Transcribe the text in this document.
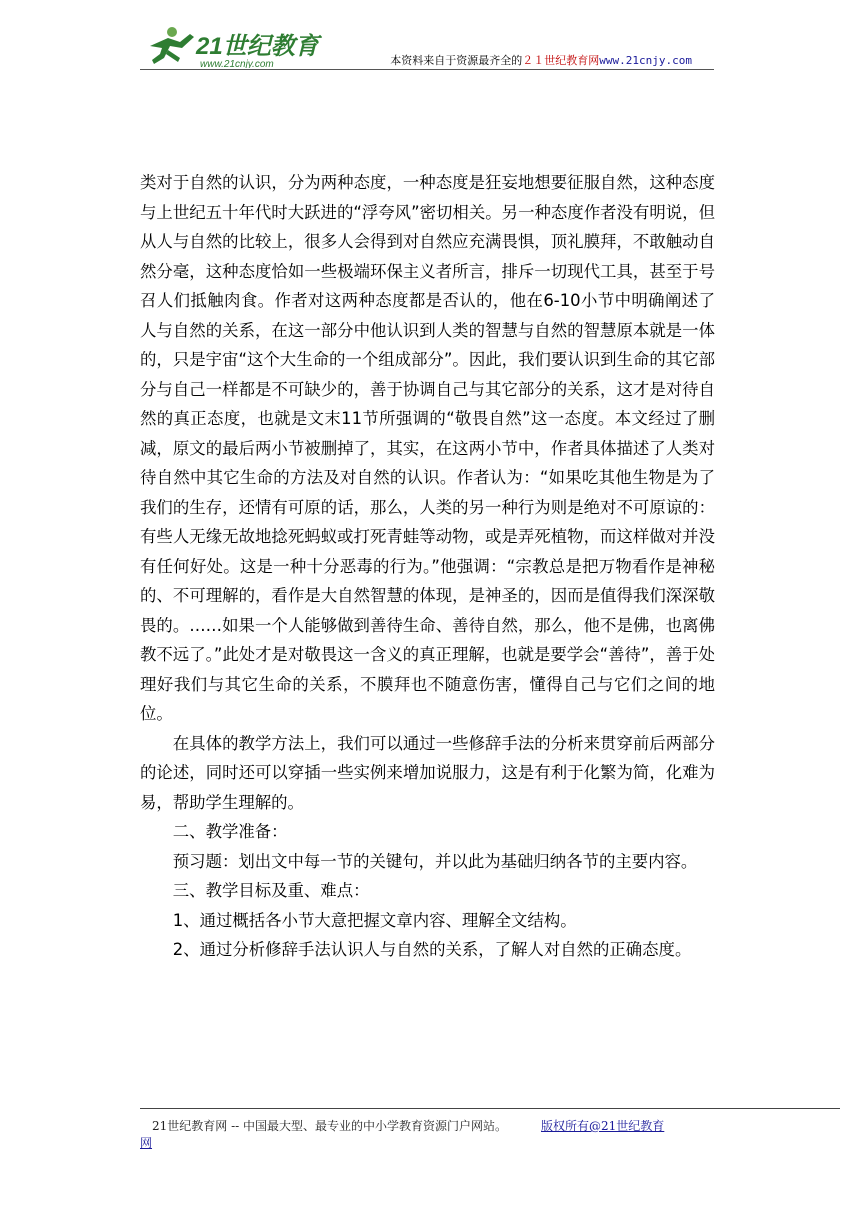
21世纪教育
www.21cnjy.com	本资料来自于资源最齐全的２１世纪教育网www.21cnjy.com

类对于自然的认识，分为两种态度，一种态度是狂妄地想要征服自然，这种态度与上世纪五十年代时大跃进的“浮夸风”密切相关。另一种态度作者没有明说，但从人与自然的比较上，很多人会得到对自然应充满畏惧，顶礼膜拜，不敢触动自然分毫，这种态度恰如一些极端环保主义者所言，排斥一切现代工具，甚至于号召人们抵触肉食。作者对这两种态度都是否认的，他在6-10小节中明确阐述了人与自然的关系，在这一部分中他认识到人类的智慧与自然的智慧原本就是一体的，只是宇宙“这个大生命的一个组成部分”。因此，我们要认识到生命的其它部分与自己一样都是不可缺少的，善于协调自己与其它部分的关系，这才是对待自然的真正态度，也就是文末11节所强调的“敬畏自然”这一态度。本文经过了删减，原文的最后两小节被删掉了，其实，在这两小节中，作者具体描述了人类对待自然中其它生命的方法及对自然的认识。作者认为：“如果吃其他生物是为了我们的生存，还情有可原的话，那么，人类的另一种行为则是绝对不可原谅的：有些人无缘无故地捻死蚂蚁或打死青蛙等动物，或是弄死植物，而这样做对并没有任何好处。这是一种十分恶毒的行为。”他强调：“宗教总是把万物看作是神秘的、不可理解的，看作是大自然智慧的体现，是神圣的，因而是值得我们深深敬畏的。……如果一个人能够做到善待生命、善待自然，那么，他不是佛，也离佛教不远了。”此处才是对敬畏这一含义的真正理解，也就是要学会“善待”，善于处理好我们与其它生命的关系，不膜拜也不随意伤害，懂得自己与它们之间的地位。

在具体的教学方法上，我们可以通过一些修辞手法的分析来贯穿前后两部分的论述，同时还可以穿插一些实例来增加说服力，这是有利于化繁为简，化难为易，帮助学生理解的。

二、教学准备：

预习题：划出文中每一节的关键句，并以此为基础归纳各节的主要内容。

三、教学目标及重、难点：

1、通过概括各小节大意把握文章内容、理解全文结构。

2、通过分析修辞手法认识人与自然的关系，了解人对自然的正确态度。

21世纪教育网 -- 中国最大型、最专业的中小学教育资源门户网站。	版权所有@21世纪教育
网
